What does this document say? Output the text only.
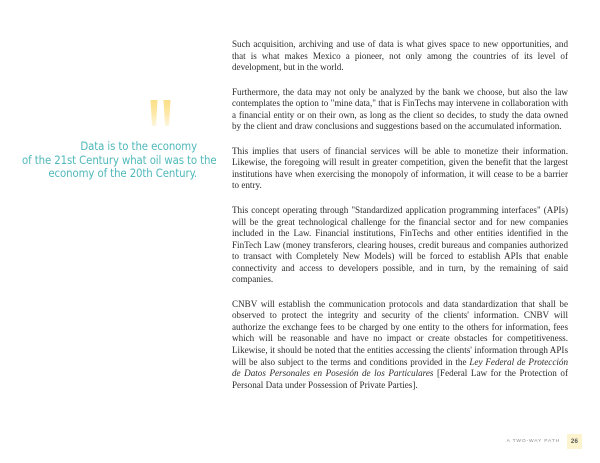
Data is to the economy
of the 21st Century what oil was to the
economy of the 20th Century.

Such acquisition, archiving and use of data is what gives space to new opportunities, and that is what makes Mexico a pioneer, not only among the countries of its level of development, but in the world.

Furthermore, the data may not only be analyzed by the bank we choose, but also the law contemplates the option to "mine data," that is FinTechs may intervene in collaboration with a financial entity or on their own, as long as the client so decides, to study the data owned by the client and draw conclusions and suggestions based on the accumulated information.

This implies that users of financial services will be able to monetize their information. Likewise, the foregoing will result in greater competition, given the benefit that the largest institutions have when exercising the monopoly of information, it will cease to be a barrier to entry.

This concept operating through "Standardized application programming interfaces" (APIs) will be the great technological challenge for the financial sector and for new companies included in the Law. Financial institutions, FinTechs and other entities identified in the FinTech Law (money transferors, clearing houses, credit bureaus and companies authorized to transact with Completely New Models) will be forced to establish APIs that enable connectivity and access to developers possible, and in turn, by the remaining of said companies.

CNBV will establish the communication protocols and data standardization that shall be observed to protect the integrity and security of the clients' information. CNBV will authorize the exchange fees to be charged by one entity to the others for information, fees which will be reasonable and have no impact or create obstacles for competitiveness. Likewise, it should be noted that the entities accessing the clients' information through APIs will be also subject to the terms and conditions provided in the Ley Federal de Protección de Datos Personales en Posesión de los Particulares [Federal Law for the Protection of Personal Data under Possession of Private Parties].

A TWO-WAY PATH	26
